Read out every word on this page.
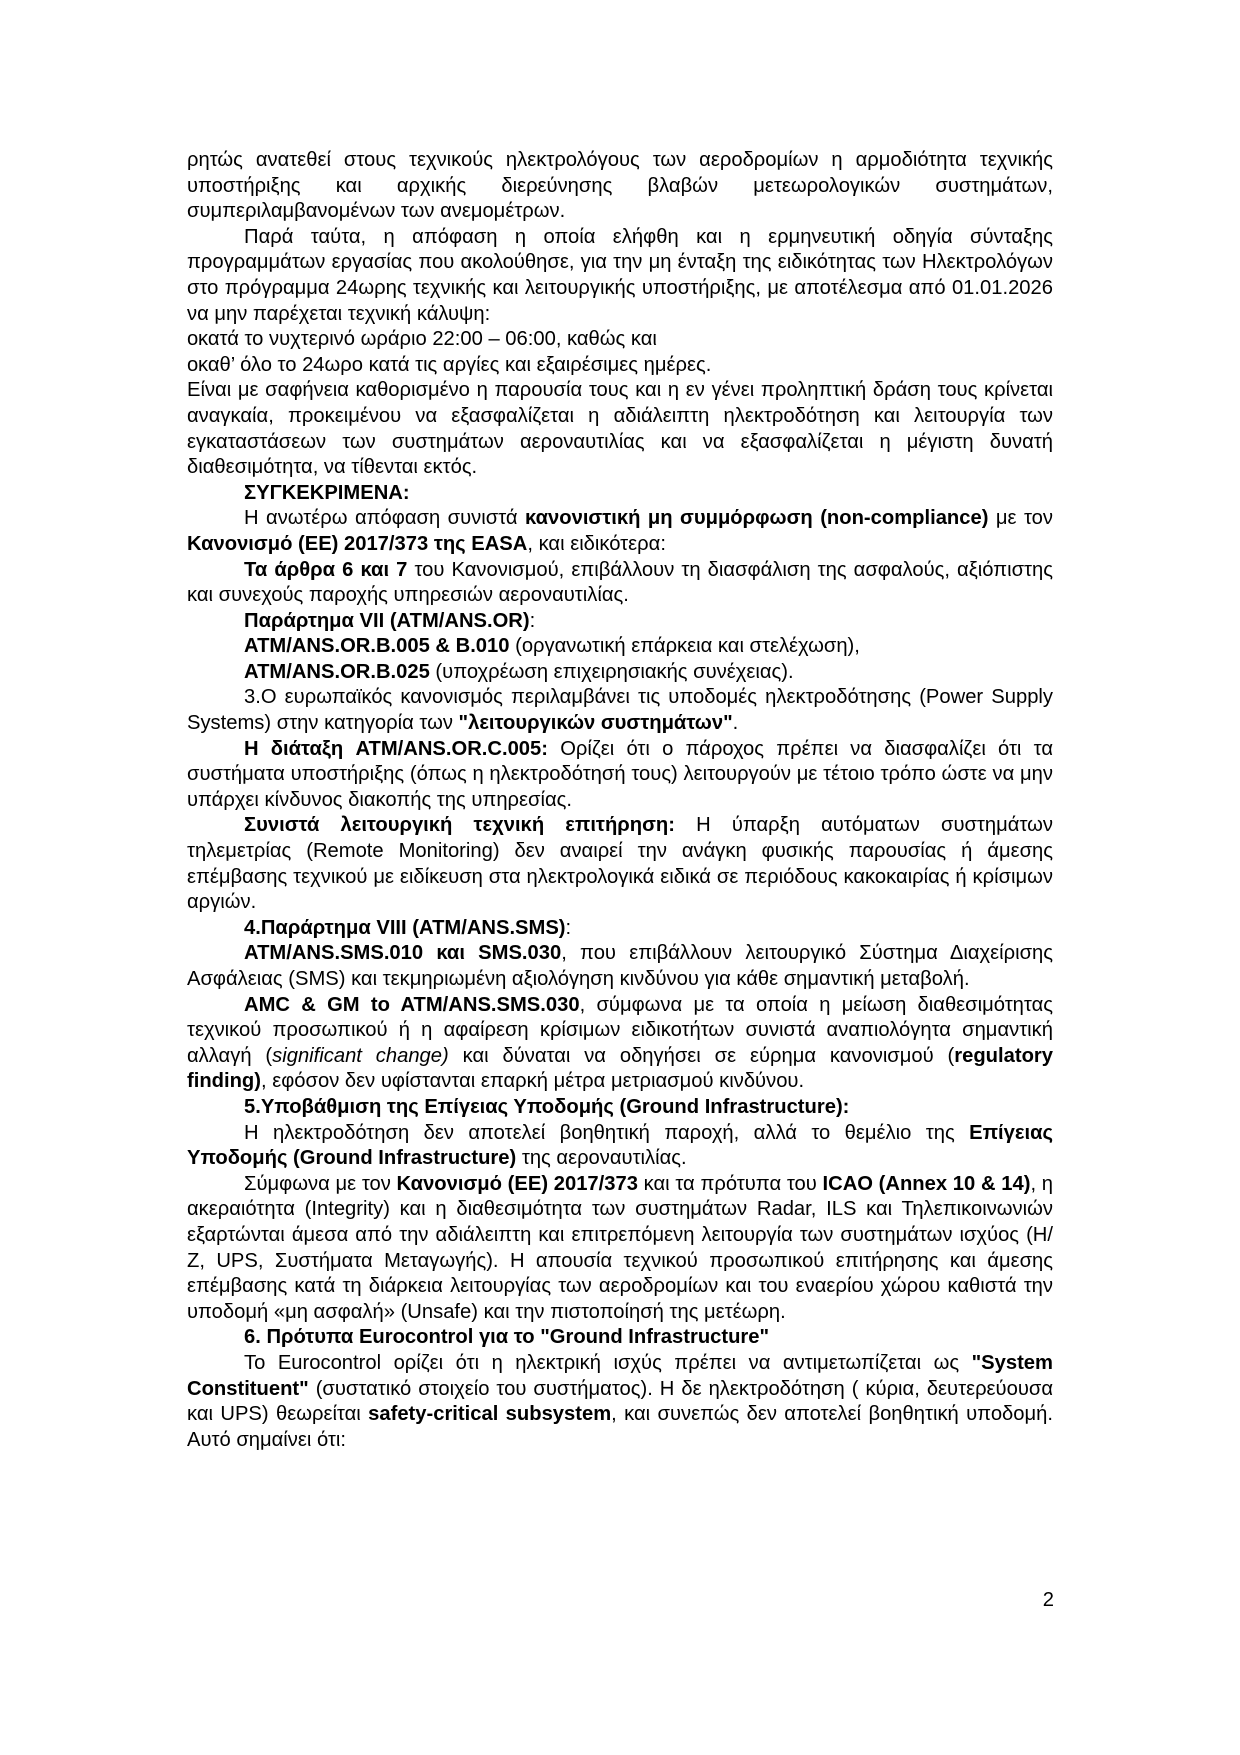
ρητώς ανατεθεί στους τεχνικούς ηλεκτρολόγους των αεροδρομίων η αρμοδιότητα τεχνικής υποστήριξης και αρχικής διερεύνησης βλαβών μετεωρολογικών συστημάτων, συμπεριλαμβανομένων των ανεμομέτρων.

Παρά ταύτα, η απόφαση η οποία ελήφθη και η ερμηνευτική οδηγία σύνταξης προγραμμάτων εργασίας που ακολούθησε, για την μη ένταξη της ειδικότητας των Ηλεκτρολόγων στο πρόγραμμα 24ωρης τεχνικής και λειτουργικής υποστήριξης, με αποτέλεσμα από 01.01.2026 να μην παρέχεται τεχνική κάλυψη:

oκατά το νυχτερινό ωράριο 22:00 – 06:00, καθώς και

oκαθ’ όλο το 24ωρο κατά τις αργίες και εξαιρέσιμες ημέρες.

Είναι με σαφήνεια καθορισμένο η παρουσία τους και η εν γένει προληπτική δράση τους κρίνεται αναγκαία, προκειμένου να εξασφαλίζεται η αδιάλειπτη ηλεκτροδότηση και λειτουργία των εγκαταστάσεων των συστημάτων αεροναυτιλίας και να εξασφαλίζεται η μέγιστη δυνατή διαθεσιμότητα, να τίθενται εκτός.

ΣΥΓΚΕΚΡΙΜΕΝΑ:

Η ανωτέρω απόφαση συνιστά κανονιστική μη συμμόρφωση (non-compliance) με τον Κανονισμό (ΕΕ) 2017/373 της EASA, και ειδικότερα:

Τα άρθρα 6 και 7 του Κανονισμού, επιβάλλουν τη διασφάλιση της ασφαλούς, αξιόπιστης και συνεχούς παροχής υπηρεσιών αεροναυτιλίας.

Παράρτημα VII (ATM/ANS.OR):

ATM/ANS.OR.B.005 & B.010 (οργανωτική επάρκεια και στελέχωση),

ATM/ANS.OR.B.025 (υποχρέωση επιχειρησιακής συνέχειας).

3.Ο ευρωπαϊκός κανονισμός περιλαμβάνει τις υποδομές ηλεκτροδότησης (Power Supply Systems) στην κατηγορία των "λειτουργικών συστημάτων".

Η διάταξη ATM/ANS.OR.C.005: Ορίζει ότι ο πάροχος πρέπει να διασφαλίζει ότι τα συστήματα υποστήριξης (όπως η ηλεκτροδότησή τους) λειτουργούν με τέτοιο τρόπο ώστε να μην υπάρχει κίνδυνος διακοπής της υπηρεσίας.

Συνιστά λειτουργική τεχνική επιτήρηση: Η ύπαρξη αυτόματων συστημάτων τηλεμετρίας (Remote Monitoring) δεν αναιρεί την ανάγκη φυσικής παρουσίας ή άμεσης επέμβασης τεχνικού με ειδίκευση στα ηλεκτρολογικά ειδικά σε περιόδους κακοκαιρίας ή κρίσιμων αργιών.

4.Παράρτημα VIII (ATM/ANS.SMS):

ATM/ANS.SMS.010 και SMS.030, που επιβάλλουν λειτουργικό Σύστημα Διαχείρισης Ασφάλειας (SMS) και τεκμηριωμένη αξιολόγηση κινδύνου για κάθε σημαντική μεταβολή.

AMC & GM to ATM/ANS.SMS.030, σύμφωνα με τα οποία η μείωση διαθεσιμότητας τεχνικού προσωπικού ή η αφαίρεση κρίσιμων ειδικοτήτων συνιστά αναπιολόγητα σημαντική αλλαγή (significant change) και δύναται να οδηγήσει σε εύρημα κανονισμού (regulatory finding), εφόσον δεν υφίστανται επαρκή μέτρα μετριασμού κινδύνου.

5.Υποβάθμιση της Επίγειας Υποδομής (Ground Infrastructure):

Η ηλεκτροδότηση δεν αποτελεί βοηθητική παροχή, αλλά το θεμέλιο της Επίγειας Υποδομής (Ground Infrastructure) της αεροναυτιλίας.

Σύμφωνα με τον Κανονισμό (ΕΕ) 2017/373 και τα πρότυπα του ICAO (Annex 10 & 14), η ακεραιότητα (Integrity) και η διαθεσιμότητα των συστημάτων Radar, ILS και Τηλεπικοινωνιών εξαρτώνται άμεσα από την αδιάλειπτη και επιτρεπόμενη λειτουργία των συστημάτων ισχύος (Η/Ζ, UPS, Συστήματα Μεταγωγής). Η απουσία τεχνικού προσωπικού επιτήρησης και άμεσης επέμβασης κατά τη διάρκεια λειτουργίας των αεροδρομίων και του εναερίου χώρου καθιστά την υποδομή «μη ασφαλή» (Unsafe) και την πιστοποίησή της μετέωρη.

6. Πρότυπα Eurocontrol για το "Ground Infrastructure"

Το Eurocontrol ορίζει ότι η ηλεκτρική ισχύς πρέπει να αντιμετωπίζεται ως "System Constituent" (συστατικό στοιχείο του συστήματος). Η δε ηλεκτροδότηση ( κύρια, δευτερεύουσα και UPS) θεωρείται safety-critical subsystem, και συνεπώς δεν αποτελεί βοηθητική υποδομή. Αυτό σημαίνει ότι:

2
